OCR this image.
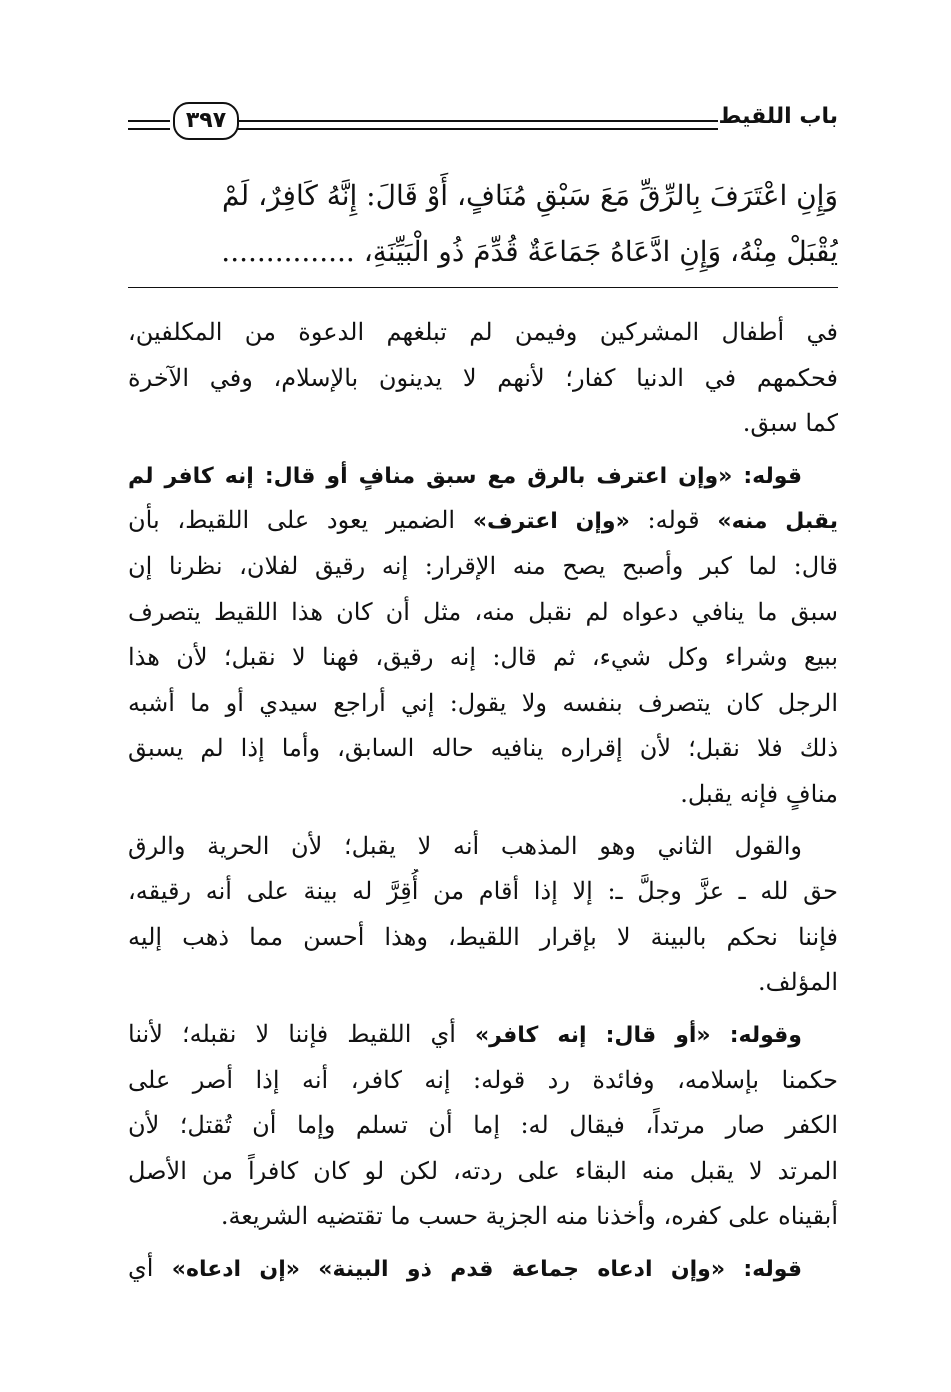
باب اللقيط
٣٩٧
وَإِنِ اعْتَرَفَ بِالرِّقِّ مَعَ سَبْقِ مُنَافٍ، أَوْ قَالَ: إِنَّهُ كَافِرٌ، لَمْ
يُقْبَلْ مِنْهُ، وَإِنِ ادَّعَاهُ جَمَاعَةٌ قُدِّمَ ذُو الْبَيِّنَةِ، ...............
في أطفال المشركين وفيمن لم تبلغهم الدعوة من المكلفين،
فحكمهم في الدنيا كفار؛ لأنهم لا يدينون بالإسلام، وفي الآخرة
كما سبق.
قوله: «وإن اعترف بالرق مع سبق منافٍ أو قال: إنه كافر لم
يقبل منه» قوله: «وإن اعترف» الضمير يعود على اللقيط، بأن
قال: لما كبر وأصبح يصح منه الإقرار: إنه رقيق لفلان، نظرنا إن
سبق ما ينافي دعواه لم نقبل منه، مثل أن كان هذا اللقيط يتصرف
ببيع وشراء وكل شيء، ثم قال: إنه رقيق، فهنا لا نقبل؛ لأن هذا
الرجل كان يتصرف بنفسه ولا يقول: إني أراجع سيدي أو ما أشبه
ذلك فلا نقبل؛ لأن إقراره ينافيه حاله السابق، وأما إذا لم يسبق
منافٍ فإنه يقبل.
والقول الثاني وهو المذهب أنه لا يقبل؛ لأن الحرية والرق
حق لله ـ عزَّ وجلَّ ـ: إلا إذا أقام من أُقِرَّ له بينة على أنه رقيقه،
فإننا نحكم بالبينة لا بإقرار اللقيط، وهذا أحسن مما ذهب إليه
المؤلف.
وقوله: «أو قال: إنه كافر» أي اللقيط فإننا لا نقبله؛ لأننا
حكمنا بإسلامه، وفائدة رد قوله: إنه كافر، أنه إذا أصر على
الكفر صار مرتداً، فيقال له: إما أن تسلم وإما أن تُقتل؛ لأن
المرتد لا يقبل منه البقاء على ردته، لكن لو كان كافراً من الأصل
أبقيناه على كفره، وأخذنا منه الجزية حسب ما تقتضيه الشريعة.
قوله: «وإن ادعاه جماعة قدم ذو البينة» «إن ادعاه» أي
